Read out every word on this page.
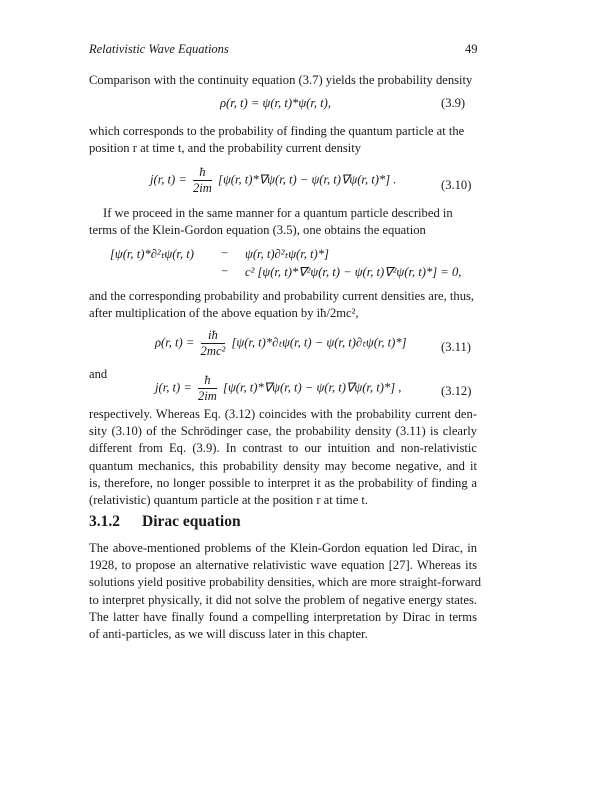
Relativistic Wave Equations	49
Comparison with the continuity equation (3.7) yields the probability density
ρ(r, t) = ψ(r, t)*ψ(r, t),	(3.9)
which corresponds to the probability of finding the quantum particle at the
position r at time t, and the probability current density
j(r, $t) = \frac{ħ}{2im} [\psi(r$, t)*∇ψ(r, t) − ψ(r, t)∇ψ(r, t)*] .	(3.10)
If we proceed in the same manner for a quantum particle described in
terms of the Klein-Gordon equation (3.5), one obtains the equation
[ψ(r, t)*∂²ₜψ(r, t) − ψ(r, t)∂²ₜψ(r, t)*]
− c² [ψ(r, t)*∇²ψ(r, t) − ψ(r, t)∇²ψ(r, t)*] = 0,
and the corresponding probability and probability current densities are, thus,
after multiplication of the above equation by iħ/2mc²,
ρ(r, $t) = \frac{iħ}{\text{2mc²}} [\psi(r$, t)*∂ₜψ(r, t) − ψ(r, t)∂ₜψ(r, t)*]	(3.11)
and
j(r, $t) = \frac{ħ}{2im} [\psi(r$, t)*∇ψ(r, t) − ψ(r, t)∇ψ(r, t)*] ,	(3.12)
respectively. Whereas Eq. (3.12) coincides with the probability current den-
sity (3.10) of the Schrödinger case, the probability density (3.11) is clearly
different from Eq. (3.9). In contrast to our intuition and non-relativistic
quantum mechanics, this probability density may become negative, and it
is, therefore, no longer possible to interpret it as the probability of finding a
(relativistic) quantum particle at the position r at time t.
3.1.2 Dirac equation
The above-mentioned problems of the Klein-Gordon equation led Dirac, in
1928, to propose an alternative relativistic wave equation [27]. Whereas its
solutions yield positive probability densities, which are more straight-forward
to interpret physically, it did not solve the problem of negative energy states.
The latter have finally found a compelling interpretation by Dirac in terms
of anti-particles, as we will discuss later in this chapter.
